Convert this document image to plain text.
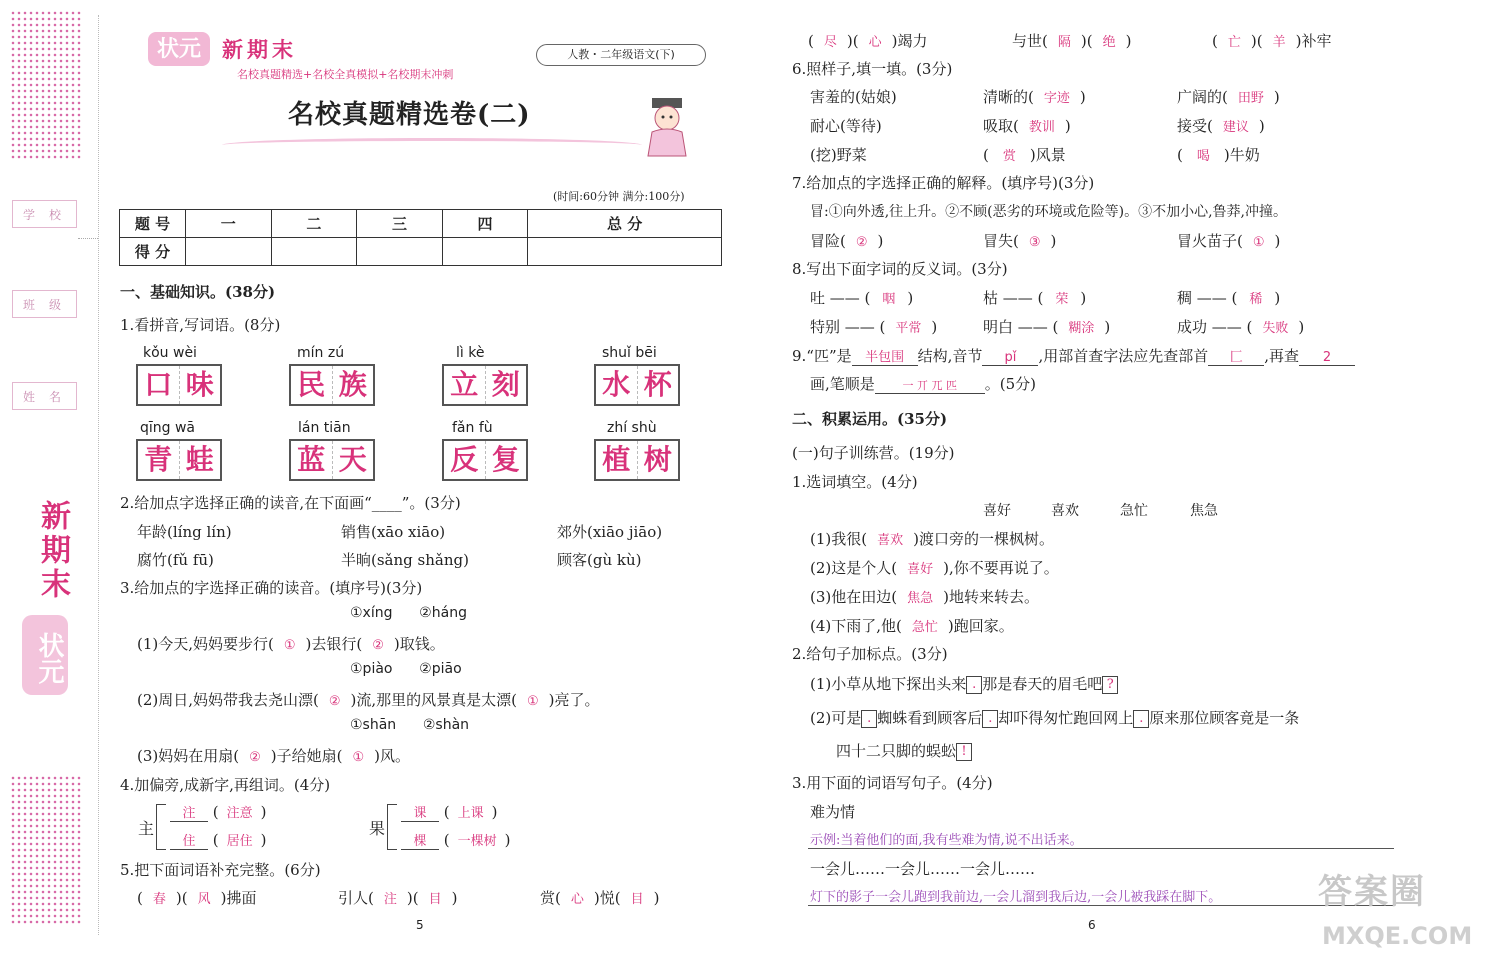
学校
班级
姓名
新期末
状元
状元	新期末
名校真题精选+名校全真模拟+名校期末冲刺
人教・二年级语文(下)
名校真题精选卷(二)
(时间:60分钟 满分:100分)
题 号	一	二	三	四	总 分
得 分					
一、基础知识。(38分)
1.看拼音,写词语。(8分)
kǒu wèi
口 味
mín zú
民 族
lì kè
立 刻
shuǐ bēi
水 杯
qīng wā
青 蛙
lán tiān
蓝 天
fǎn fù
反 复
zhí shù
植 树
2.给加点字选择正确的读音,在下面画“____”。(3分)
年龄(líng lín)	销售(xāo xiāo)	郊外(xiāo jiāo)
腐竹(fǔ fū)	半晌(sǎng shǎng)	顾客(gù kù)
3.给加点的字选择正确的读音。(填序号)(3分)
①xíng      ②háng
(1)今天,妈妈要步行( ① )去银行( ② )取钱。
①piào      ②piāo
(2)周日,妈妈带我去尧山漂( ② )流,那里的风景真是太漂( ① )亮了。
①shān      ②shàn
(3)妈妈在用扇( ② )子给她扇( ① )风。
4.加偏旁,成新字,再组词。(4分)
主
注 ( 注意 )
住 ( 居住 )
果
课 ( 上课 )
棵 ( 一棵树 )
5.把下面词语补充完整。(6分)
( 春 )( 风 )拂面	引人( 注 )( 目 )	赏( 心 )悦( 目 )
5
( 尽 )( 心 )竭力	与世( 隔 )( 绝 )	( 亡 )( 羊 )补牢
6.照样子,填一填。(3分)
害羞的(姑娘)	清晰的( 字迹 )	广阔的( 田野 )
耐心(等待)	吸取( 教训 )	接受( 建议 )
(挖)野菜	( 赏 )风景	( 喝 )牛奶
7.给加点的字选择正确的解释。(填序号)(3分)
冒:①向外透,往上升。②不顾(恶劣的环境或危险等)。③不加小心,鲁莽,冲撞。
冒险( ② )	冒失( ③ )	冒火苗子( ① )
8.写出下面字词的反义词。(3分)
吐 —— ( 咽 )	枯 —— ( 荣 )	稠 —— ( 稀 )
特别 —— ( 平常 )	明白 —— ( 糊涂 )	成功 —— ( 失败 )
9.“匹”是 半包围 结构,音节 pǐ ,用部首查字法应先查部首 匚 ,再查 2
画,笔顺是	一 丌 兀 匹 。(5分)
二、积累运用。(35分)
(一)句子训练营。(19分)
1.选词填空。(4分)
喜好	喜欢	急忙	焦急
(1)我很( 喜欢 )渡口旁的一棵枫树。
(2)这是个人( 喜好 ),你不要再说了。
(3)他在田边( 焦急 )地转来转去。
(4)下雨了,他( 急忙 )跑回家。
2.给句子加标点。(3分)
(1)小草从地下探出头来 . 那是春天的眉毛吧 ?
(2)可是 . 蜘蛛看到顾客后 . 却吓得匆忙跑回网上 . 原来那位顾客竟是一条
四十二只脚的蜈蚣 !
3.用下面的词语写句子。(4分)
难为情
示例:当着他们的面,我有些难为情,说不出话来。
一会儿……一会儿……一会儿……
灯下的影子一会儿跑到我前边,一会儿溜到我后边,一会儿被我踩在脚下。
6
答案圈
MXQE.COM
